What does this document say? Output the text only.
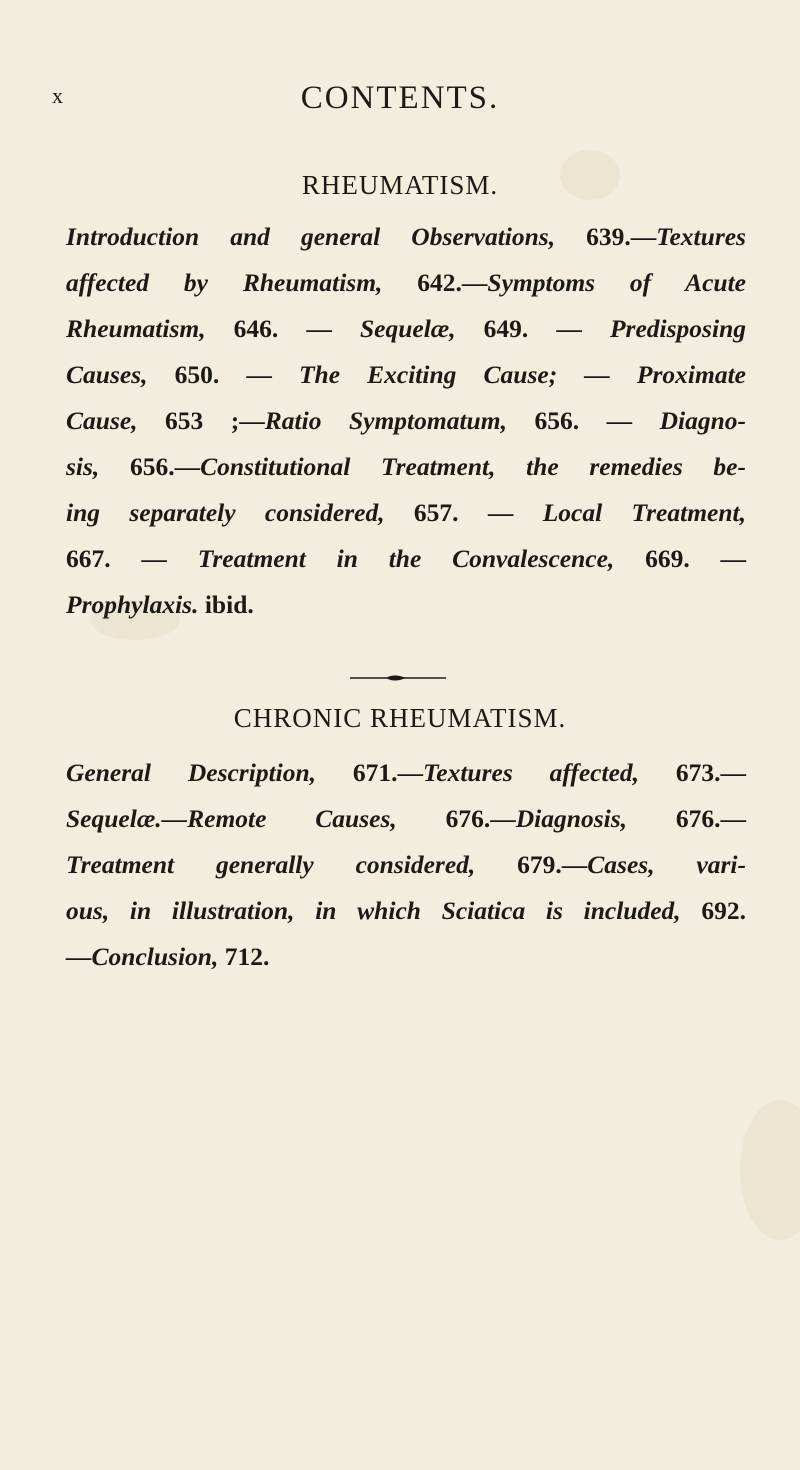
x	CONTENTS.
RHEUMATISM.
Introduction and general Observations, 639.—Textures
affected by Rheumatism, 642.—Symptoms of Acute
Rheumatism, 646. — Sequelæ, 649. — Predisposing
Causes, 650. — The Exciting Cause; — Proximate
Cause, 653 ;—Ratio Symptomatum, 656. — Diagno-
sis, 656.—Constitutional Treatment, the remedies be-
ing separately considered, 657. — Local Treatment,
667. — Treatment in the Convalescence, 669. —
Prophylaxis. ibid.
CHRONIC RHEUMATISM.
General Description, 671.—Textures affected, 673.—
Sequelæ.—Remote Causes, 676.—Diagnosis, 676.—
Treatment generally considered, 679.—Cases, vari-
ous, in illustration, in which Sciatica is included, 692.
—Conclusion, 712.
